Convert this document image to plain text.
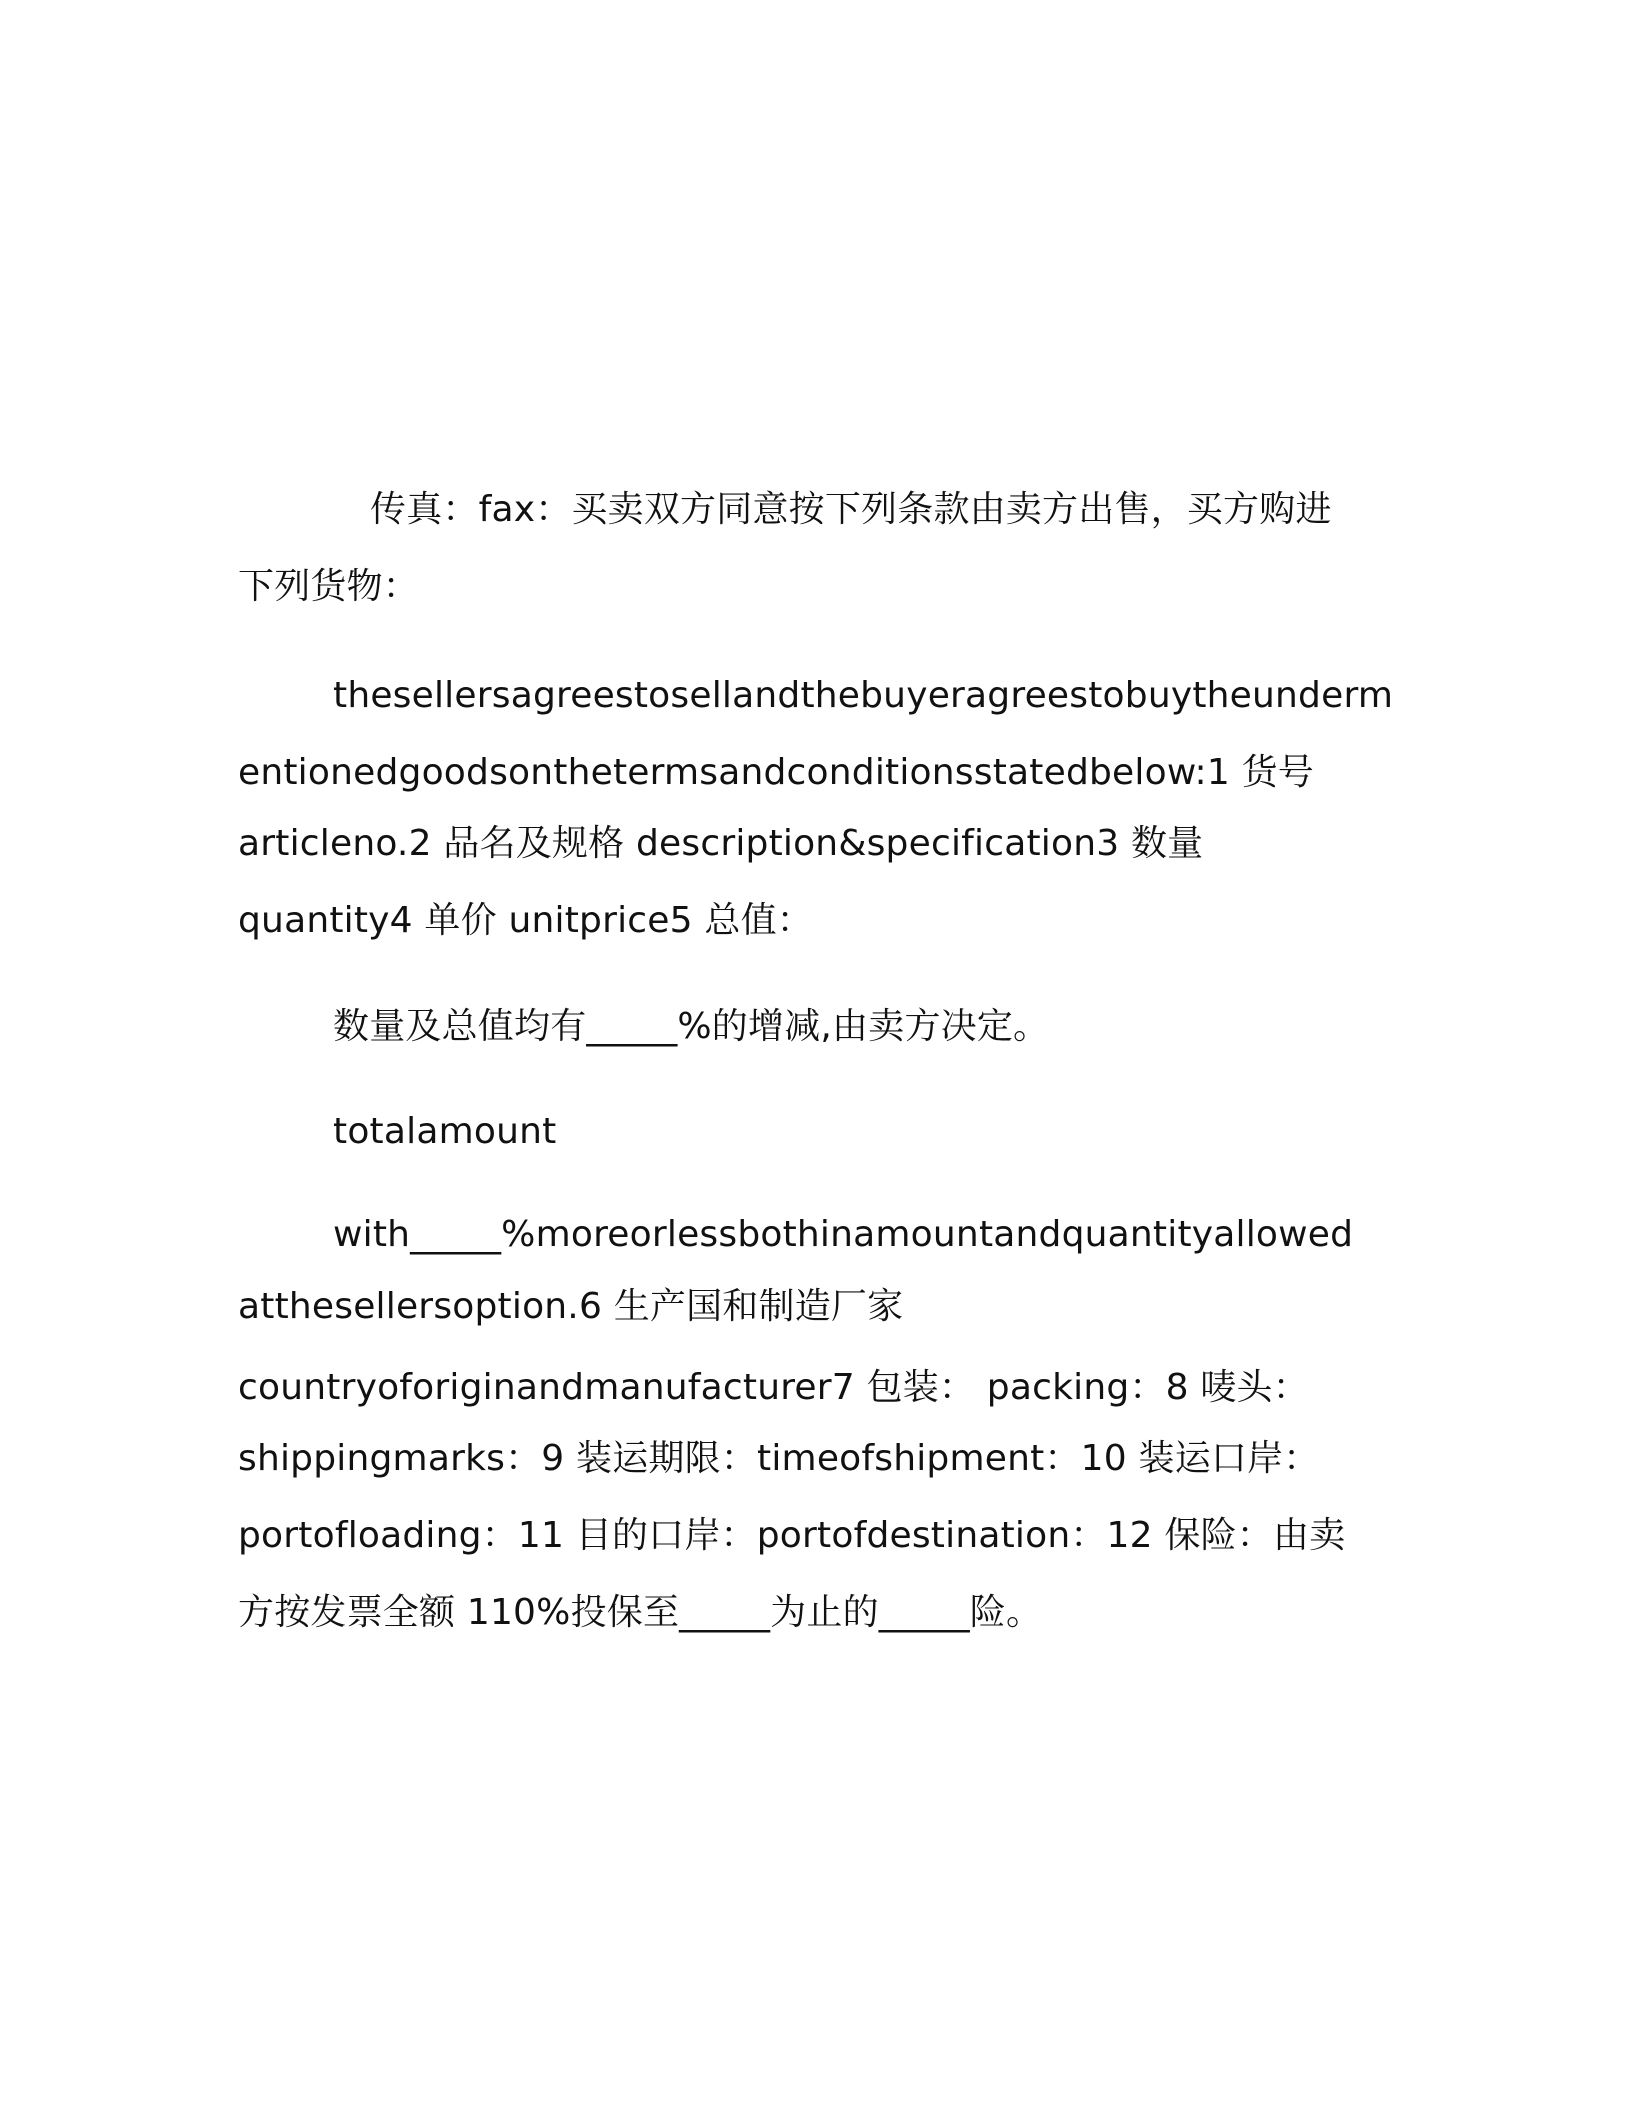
传真：fax：买卖双方同意按下列条款由卖方出售，买方购进
下列货物：
thesellersagreestosellandthebuyeragreestobuytheunderm
entionedgoodsonthetermsandconditionsstatedbelow:1 货号
articleno.2 品名及规格 description&specification3 数量
quantity4 单价 unitprice5 总值：
数量及总值均有_____%的增减,由卖方决定。
totalamount
with_____%moreorlessbothinamountandquantityallowed
atthesellersoption.6 生产国和制造厂家
countryoforiginandmanufacturer7 包装： packing：8 唛头：
shippingmarks：9 装运期限：timeofshipment：10 装运口岸：
portofloading：11 目的口岸：portofdestination：12 保险：由卖
方按发票全额 110%投保至_____为止的_____险。
